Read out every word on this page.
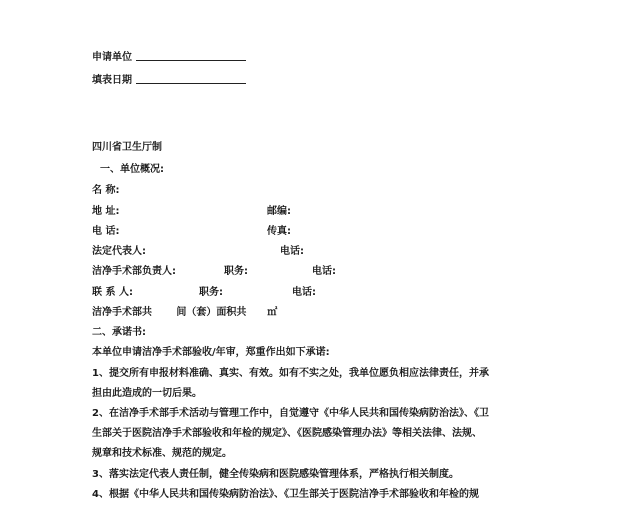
申请单位
填表日期
四川省卫生厅制
一、单位概况:
名 称:
地 址:	邮编:
电 话:	传真:
法定代表人:	电话:
洁净手术部负责人:	职务:	电话:
联 系 人:	职务:	电话:
洁净手术部共       间（套）面积共      ㎡
二、承诺书:
本单位申请洁净手术部验收/年审，郑重作出如下承诺:
1、提交所有申报材料准确、真实、有效。如有不实之处，我单位愿负相应法律责任，并承
担由此造成的一切后果。
2、在洁净手术部手术活动与管理工作中，自觉遵守《中华人民共和国传染病防治法》、《卫
生部关于医院洁净手术部验收和年检的规定》、《医院感染管理办法》等相关法律、法规、
规章和技术标准、规范的规定。
3、落实法定代表人责任制，健全传染病和医院感染管理体系，严格执行相关制度。
4、根据《中华人民共和国传染病防治法》、《卫生部关于医院洁净手术部验收和年检的规
